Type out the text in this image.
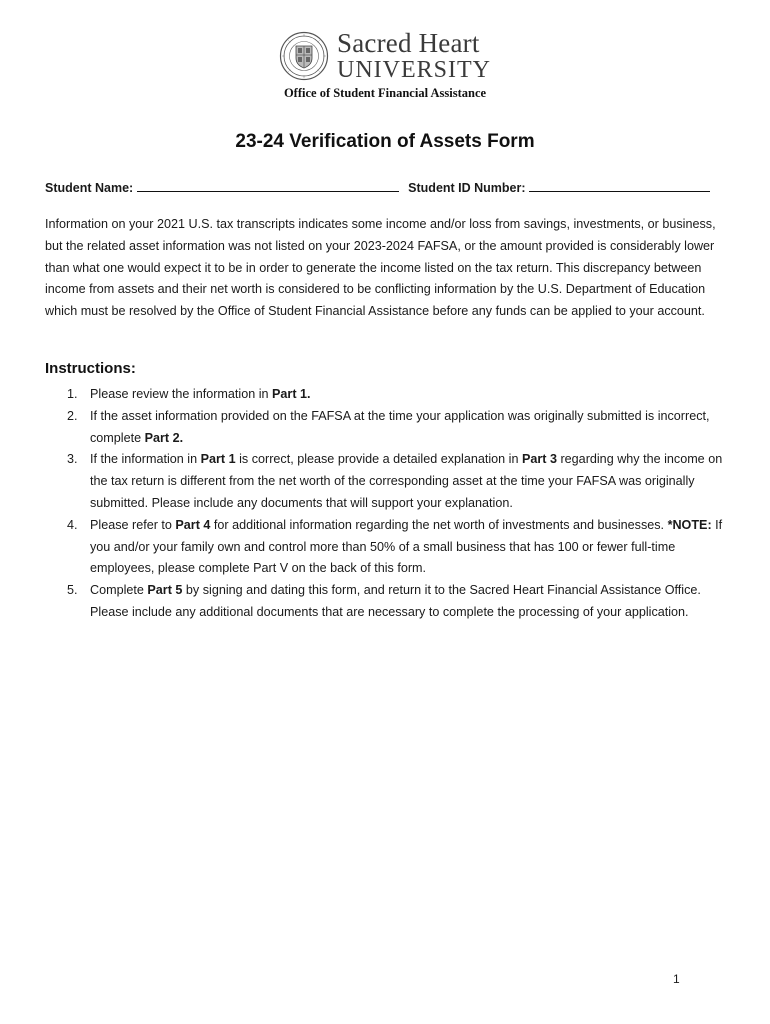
Sacred Heart
UNIVERSITY
Office of Student Financial Assistance
23-24 Verification of Assets Form
Student Name:	Student ID Number:
Information on your 2021 U.S. tax transcripts indicates some income and/or loss from savings, investments, or business, but the related asset information was not listed on your 2023-2024 FAFSA, or the amount provided is considerably lower than what one would expect it to be in order to generate the income listed on the tax return. This discrepancy between income from assets and their net worth is considered to be conflicting information by the U.S. Department of Education which must be resolved by the Office of Student Financial Assistance before any funds can be applied to your account.
Instructions:
1. Please review the information in Part 1.
2. If the asset information provided on the FAFSA at the time your application was originally submitted is incorrect, complete Part 2.
3. If the information in Part 1 is correct, please provide a detailed explanation in Part 3 regarding why the income on the tax return is different from the net worth of the corresponding asset at the time your FAFSA was originally submitted. Please include any documents that will support your explanation.
4. Please refer to Part 4 for additional information regarding the net worth of investments and businesses. *NOTE: If you and/or your family own and control more than 50% of a small business that has 100 or fewer full-time employees, please complete Part V on the back of this form.
5. Complete Part 5 by signing and dating this form, and return it to the Sacred Heart Financial Assistance Office. Please include any additional documents that are necessary to complete the processing of your application.
1
